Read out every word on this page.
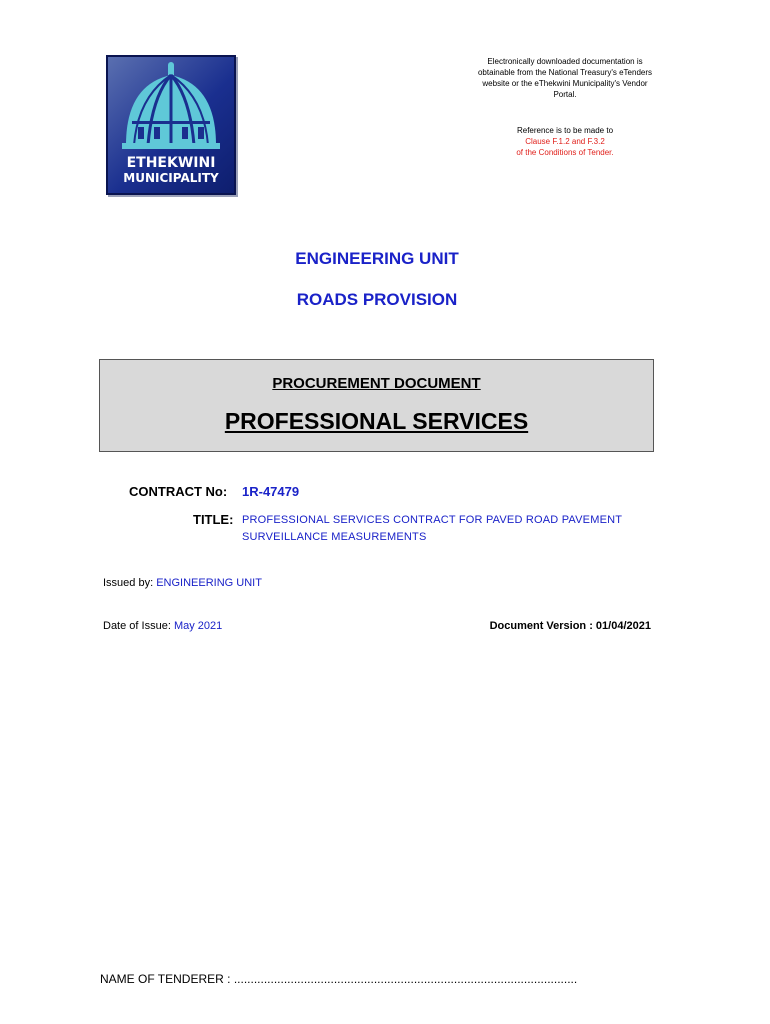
ETHEKWINI
MUNICIPALITY
Electronically downloaded documentation is obtainable from the National Treasury's eTenders website or the eThekwini Municipality's Vendor Portal.
Reference is to be made to
Clause F.1.2 and F.3.2
of the Conditions of Tender.
ENGINEERING UNIT
ROADS PROVISION
PROCUREMENT DOCUMENT
PROFESSIONAL SERVICES
CONTRACT No: 1R-47479
TITLE: PROFESSIONAL SERVICES CONTRACT FOR PAVED ROAD PAVEMENT SURVEILLANCE MEASUREMENTS
Issued by: ENGINEERING UNIT
Date of Issue: May 2021	Document Version : 01/04/2021
NAME OF TENDERER : .......................................................................................................
